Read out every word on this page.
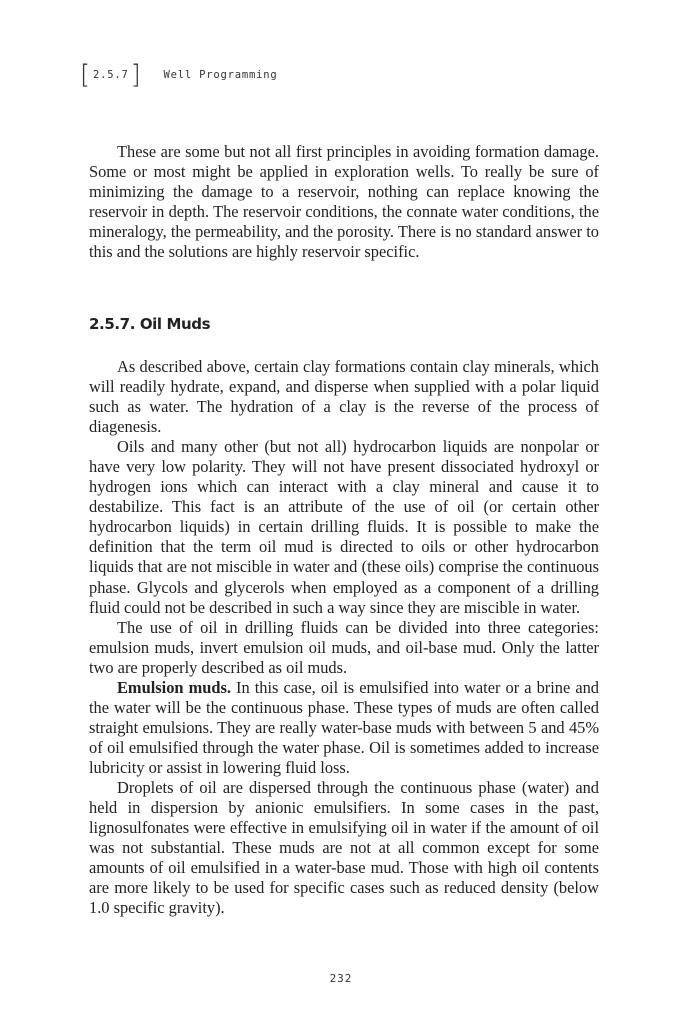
[ 2.5.7 ] Well Programming

These are some but not all first principles in avoiding formation damage. Some or most might be applied in exploration wells. To really be sure of minimizing the damage to a reservoir, nothing can replace knowing the reservoir in depth. The reservoir conditions, the connate water conditions, the mineralogy, the permeability, and the porosity. There is no standard answer to this and the solutions are highly reservoir specific.

2.5.7. Oil Muds

As described above, certain clay formations contain clay minerals, which will readily hydrate, expand, and disperse when supplied with a polar liquid such as water. The hydration of a clay is the reverse of the process of diagenesis.

Oils and many other (but not all) hydrocarbon liquids are nonpolar or have very low polarity. They will not have present dissociated hydroxyl or hydrogen ions which can interact with a clay mineral and cause it to destabilize. This fact is an attribute of the use of oil (or certain other hydrocarbon liquids) in certain drilling fluids. It is possible to make the definition that the term oil mud is directed to oils or other hydrocarbon liquids that are not miscible in water and (these oils) comprise the continuous phase. Glycols and glycerols when employed as a component of a drilling fluid could not be described in such a way since they are miscible in water.

The use of oil in drilling fluids can be divided into three categories: emulsion muds, invert emulsion oil muds, and oil-base mud. Only the latter two are properly described as oil muds.

Emulsion muds. In this case, oil is emulsified into water or a brine and the water will be the continuous phase. These types of muds are often called straight emulsions. They are really water-base muds with between 5 and 45% of oil emulsified through the water phase. Oil is sometimes added to increase lubricity or assist in lowering fluid loss.

Droplets of oil are dispersed through the continuous phase (water) and held in dispersion by anionic emulsifiers. In some cases in the past, lignosulfonates were effective in emulsifying oil in water if the amount of oil was not substantial. These muds are not at all common except for some amounts of oil emulsified in a water-base mud. Those with high oil contents are more likely to be used for specific cases such as reduced density (below 1.0 specific gravity).

232
